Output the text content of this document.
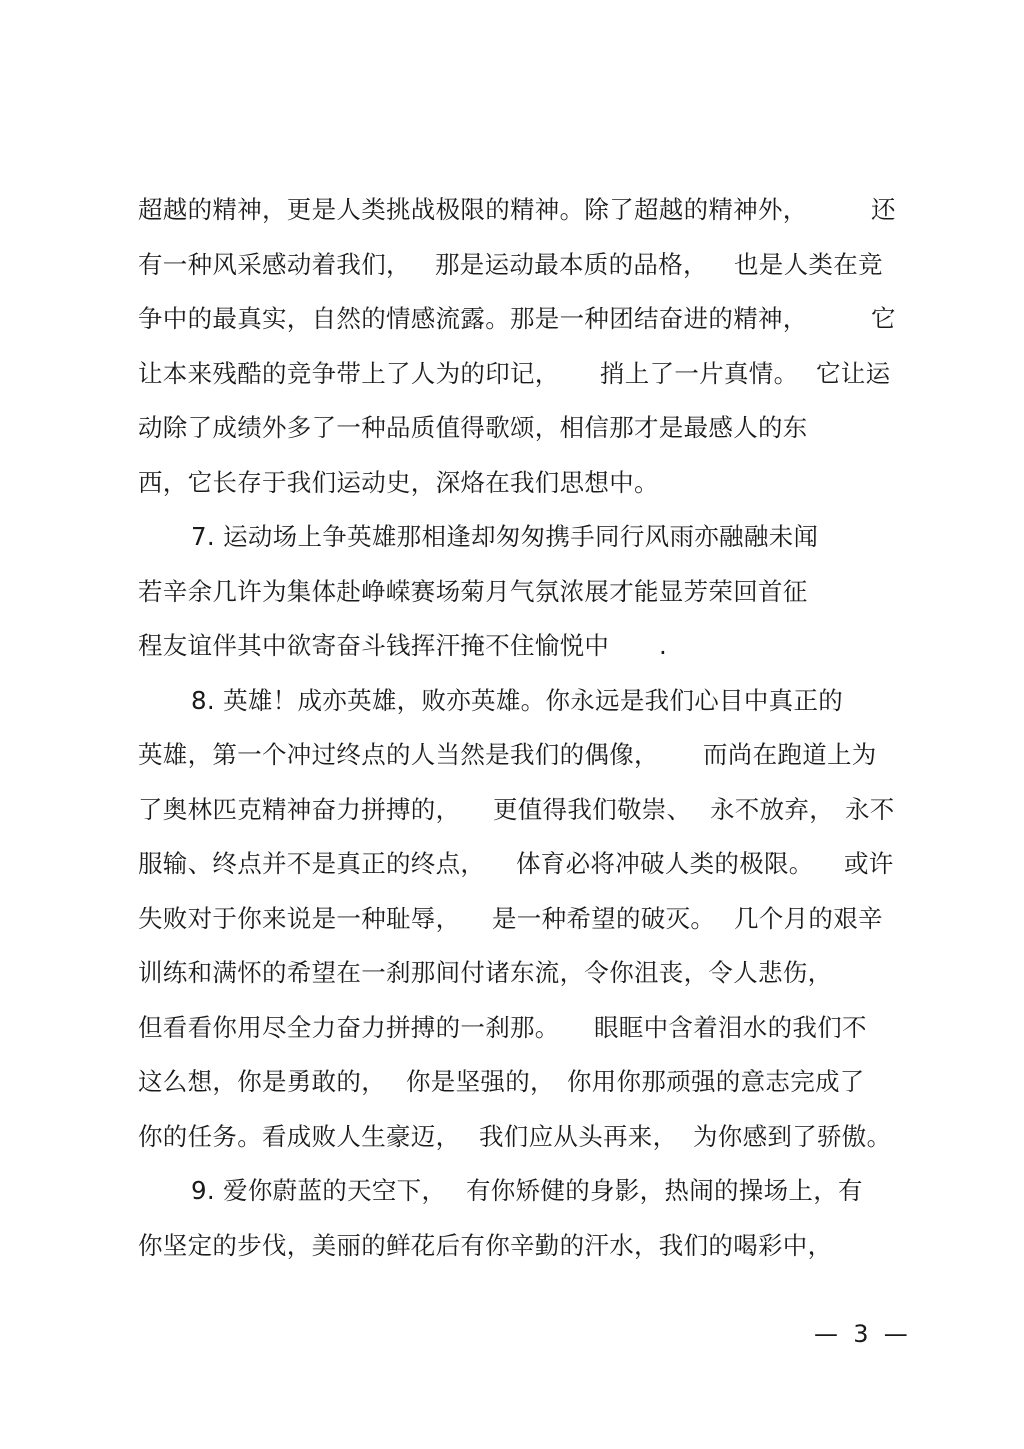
超越的精神，更是人类挑战极限的精神。除了超越的精神外，

	还

有一种风采感动着我们，

那是运动最本质的品格，

也是人类在竞

争中的最真实，自然的情感流露。那是一种团结奋进的精神，

	它

让本来残酷的竞争带上了人为的印记，

捎上了一片真情。

它让运

动除了成绩外多了一种品质值得歌颂，相信那才是最感人的东

西，它长存于我们运动史，深烙在我们思想中。

7. 运动场上争英雄那相逢却匆匆携手同行风雨亦融融未闻

若辛余几许为集体赴峥嵘赛场菊月气氛浓展才能显芳荣回首征

程友谊伴其中欲寄奋斗钱挥汗掩不住愉悦中

.

8. 英雄！成亦英雄，败亦英雄。你永远是我们心目中真正的

英雄，第一个冲过终点的人当然是我们的偶像，

而尚在跑道上为

了奥林匹克精神奋力拼搏的，

更值得我们敬崇、

永不放弃，

永不

服输、终点并不是真正的终点，

体育必将冲破人类的极限。

或许

失败对于你来说是一种耻辱，

是一种希望的破灭。

几个月的艰辛

训练和满怀的希望在一刹那间付诸东流，令你沮丧，令人悲伤，

但看看你用尽全力奋力拼搏的一刹那。

眼眶中含着泪水的我们不

这么想，你是勇敢的，

你是坚强的，

你用你那顽强的意志完成了

你的任务。看成败人生豪迈，

我们应从头再来，

为你感到了骄傲。

9. 爱你蔚蓝的天空下，

有你矫健的身影，热闹的操场上，有

你坚定的步伐，美丽的鲜花后有你辛勤的汗水，我们的喝彩中，

—  3  —
